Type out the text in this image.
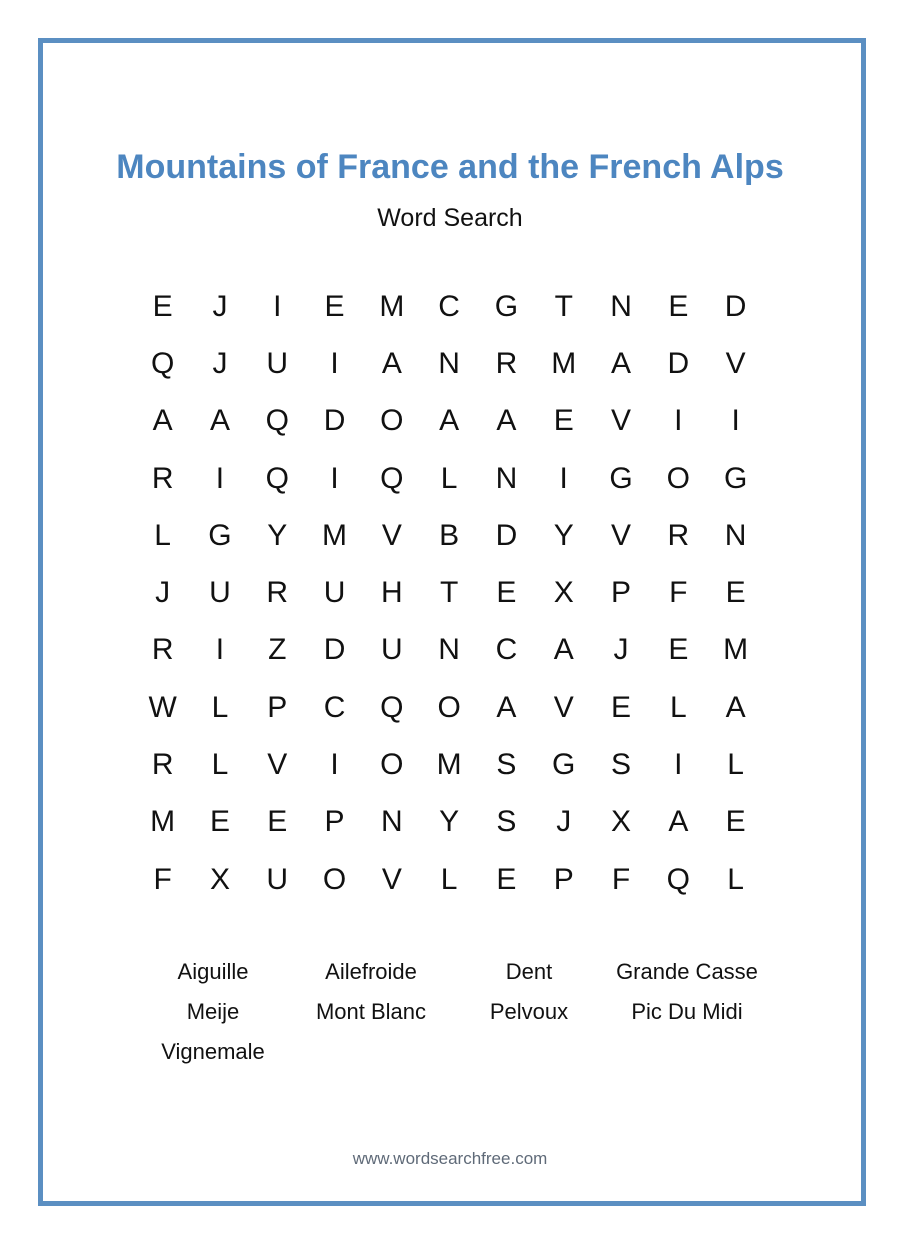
Mountains of France and the French Alps
Word Search
E	J	I	E	M	C	G	T	N	E	D
Q	J	U	I	A	N	R	M	A	D	V
A	A	Q	D	O	A	A	E	V	I	I
R	I	Q	I	Q	L	N	I	G	O	G
L	G	Y	M	V	B	D	Y	V	R	N
J	U	R	U	H	T	E	X	P	F	E
R	I	Z	D	U	N	C	A	J	E	M
W	L	P	C	Q	O	A	V	E	L	A
R	L	V	I	O	M	S	G	S	I	L
M	E	E	P	N	Y	S	J	X	A	E
F	X	U	O	V	L	E	P	F	Q	L
Aiguille	Ailefroide	Dent	Grande Casse
Meije	Mont Blanc	Pelvoux	Pic Du Midi
Vignemale
www.wordsearchfree.com
